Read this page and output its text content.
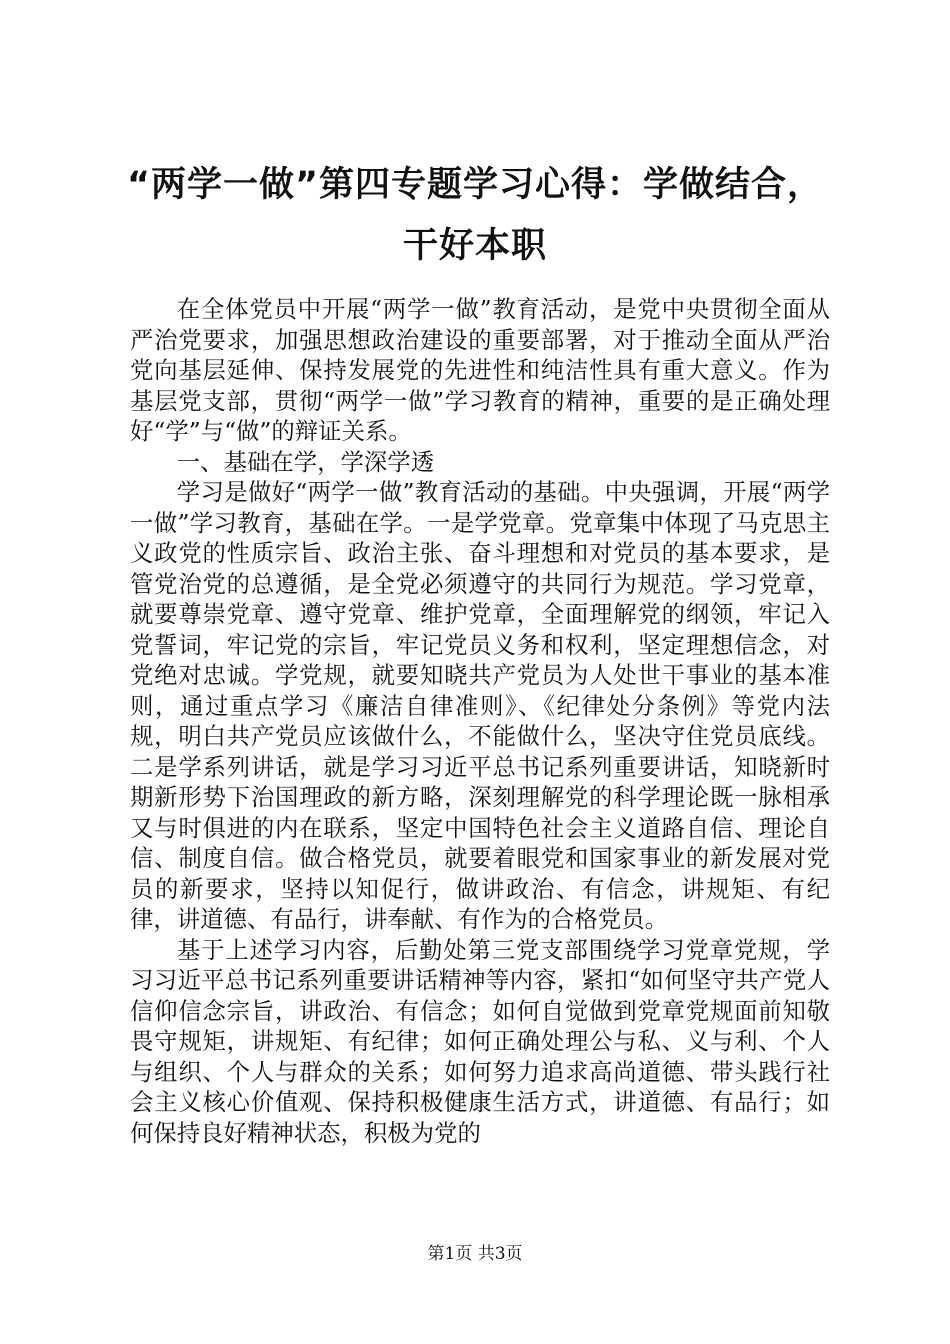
“两学一做”第四专题学习心得：学做结合，
干好本职

在全体党员中开展“两学一做”教育活动，是党中央贯彻全面从严治党要求，加强思想政治建设的重要部署，对于推动全面从严治党向基层延伸、保持发展党的先进性和纯洁性具有重大意义。作为基层党支部，贯彻“两学一做”学习教育的精神，重要的是正确处理好“学”与“做”的辩证关系。

一、基础在学，学深学透

学习是做好“两学一做”教育活动的基础。中央强调，开展“两学一做”学习教育，基础在学。一是学党章。党章集中体现了马克思主义政党的性质宗旨、政治主张、奋斗理想和对党员的基本要求，是管党治党的总遵循，是全党必须遵守的共同行为规范。学习党章，就要尊崇党章、遵守党章、维护党章，全面理解党的纲领，牢记入党誓词，牢记党的宗旨，牢记党员义务和权利，坚定理想信念，对党绝对忠诚。学党规，就要知晓共产党员为人处世干事业的基本准则，通过重点学习《廉洁自律准则》、《纪律处分条例》等党内法规，明白共产党员应该做什么，不能做什么，坚决守住党员底线。二是学系列讲话，就是学习习近平总书记系列重要讲话，知晓新时期新形势下治国理政的新方略，深刻理解党的科学理论既一脉相承又与时俱进的内在联系，坚定中国特色社会主义道路自信、理论自信、制度自信。做合格党员，就要着眼党和国家事业的新发展对党员的新要求，坚持以知促行，做讲政治、有信念，讲规矩、有纪律，讲道德、有品行，讲奉献、有作为的合格党员。

基于上述学习内容，后勤处第三党支部围绕学习党章党规，学习习近平总书记系列重要讲话精神等内容，紧扣“如何坚守共产党人信仰信念宗旨，讲政治、有信念；如何自觉做到党章党规面前知敬畏守规矩，讲规矩、有纪律；如何正确处理公与私、义与利、个人与组织、个人与群众的关系；如何努力追求高尚道德、带头践行社会主义核心价值观、保持积极健康生活方式，讲道德、有品行；如何保持良好精神状态，积极为党的

第1页 共3页
